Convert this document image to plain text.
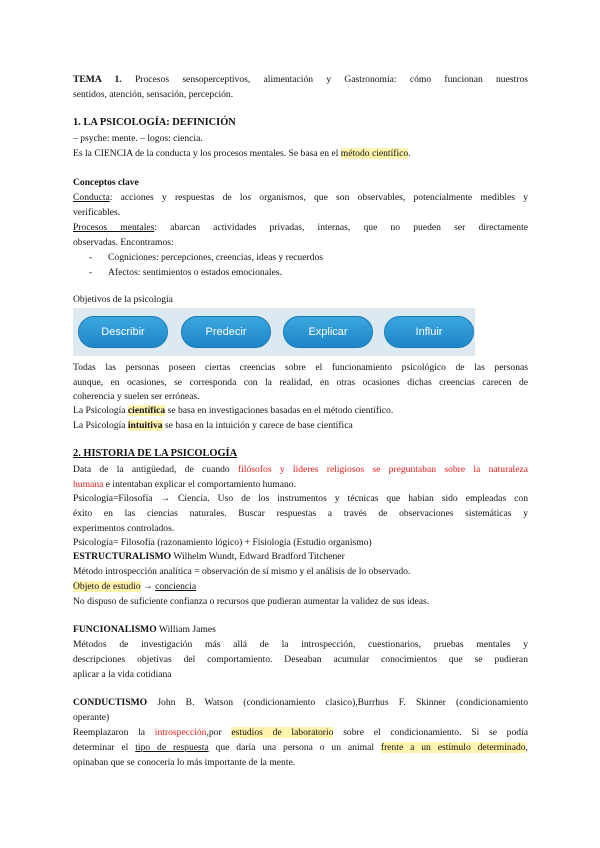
TEMA 1. Procesos sensoperceptivos, alimentación y Gastronomía: cómo funcionan nuestros
sentidos, atención, sensación, percepción.
1. LA PSICOLOGÍA: DEFINICIÓN
– psyche: mente. – logos: ciencia.
Es la CIENCIA de la conducta y los procesos mentales. Se basa en el método científico.
Conceptos clave
Conducta: acciones y respuestas de los organismos, que son observables, potencialmente medibles y
verificables.
Procesos mentales: abarcan actividades privadas, internas, que no pueden ser directamente
observadas. Encontramos:
- Cogniciones: percepciones, creencias, ideas y recuerdos
- Afectos: sentimientos o estados emocionales.
Objetivos de la psicología
Describir	Predecir	Explicar	Influir
Todas las personas poseen ciertas creencias sobre el funcionamiento psicológico de las personas
aunque, en ocasiones, se corresponda con la realidad, en otras ocasiones dichas creencias carecen de
coherencia y suelen ser erróneas.
La Psicología científica se basa en investigaciones basadas en el método científico.
La Psicología intuitiva se basa en la intuición y carece de base científica
2. HISTORIA DE LA PSICOLOGÍA
Data de la antigüedad, de cuando filósofos y líderes religiosos se preguntaban sobre la naturaleza
humana e intentaban explicar el comportamiento humano.
Psicología=Filosofía → Ciencia. Uso de los instrumentos y técnicas que habían sido empleadas con
éxito en las ciencias naturales. Buscar respuestas a través de observaciones sistemáticas y
experimentos controlados.
Psicología= Filosofía (razonamiento lógico) + Fisiología (Estudio organismo)
ESTRUCTURALISMO Wilhelm Wundt, Edward Bradford Titchener
Método introspección analítica = observación de sí mismo y el análisis de lo observado.
Objeto de estudio → conciencia
No dispuso de suficiente confianza o recursos que pudieran aumentar la validez de sus ideas.
FUNCIONALISMO William James
Métodos de investigación más allá de la introspección, cuestionarios, pruebas mentales y
descripciones objetivas del comportamiento. Deseaban acumular conocimientos que se pudieran
aplicar a la vida cotidiana
CONDUCTISMO John B. Watson (condicionamiento clasico),Burrhus F. Skinner (condicionamiento
operante)
Reemplazaron la introspección,por estudios de laboratorio sobre el condicionamiento. Si se podía
determinar el tipo de respuesta que daría una persona o un animal frente a un estímulo determinado,
opinaban que se conocería lo más importante de la mente.
